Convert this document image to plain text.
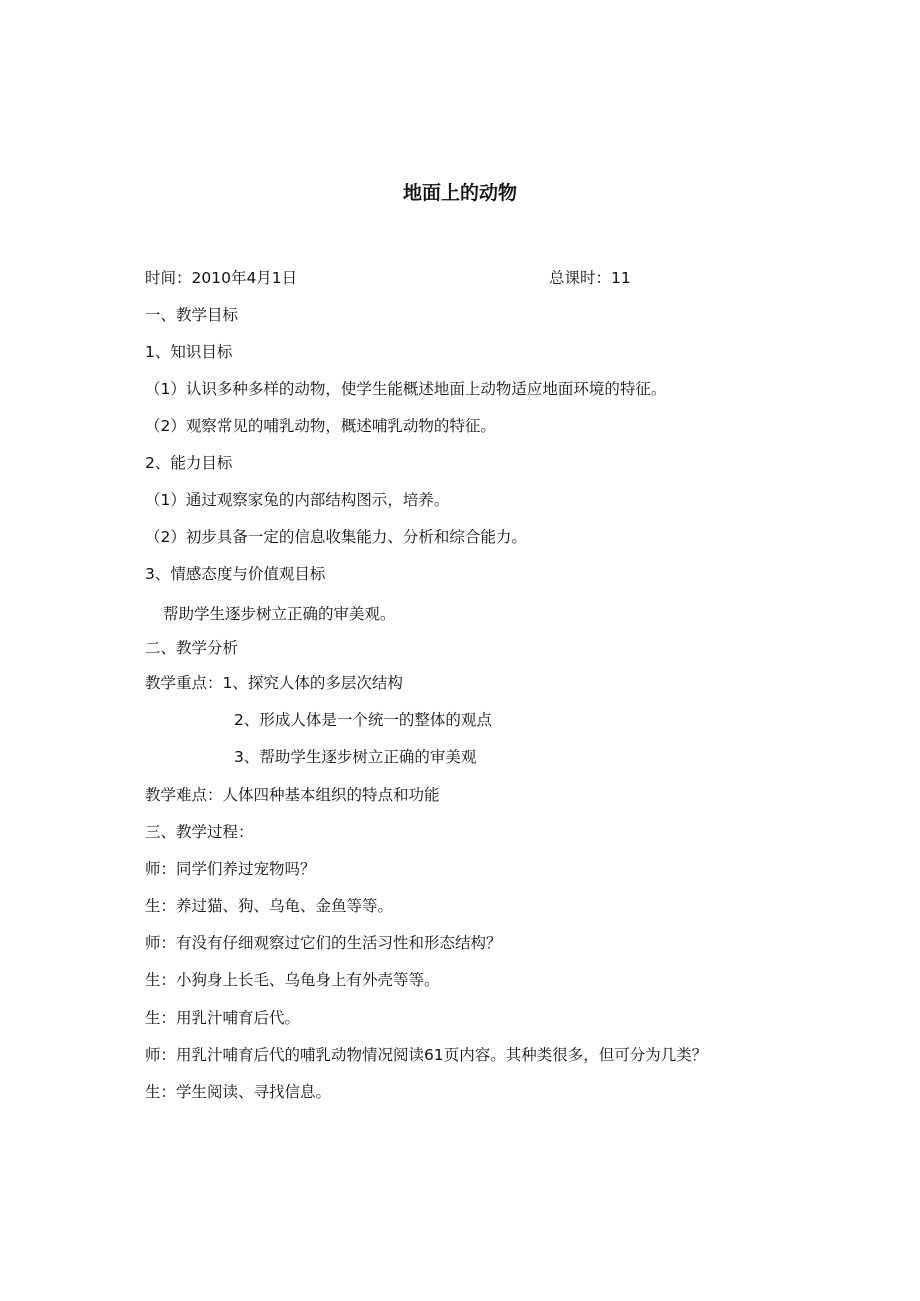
地面上的动物
时间：2010年4月1日	总课时：11
一、教学目标
1、知识目标
（1）认识多种多样的动物，使学生能概述地面上动物适应地面环境的特征。
（2）观察常见的哺乳动物，概述哺乳动物的特征。
2、能力目标
（1）通过观察家兔的内部结构图示，培养。
（2）初步具备一定的信息收集能力、分析和综合能力。
3、情感态度与价值观目标
帮助学生逐步树立正确的审美观。
二、教学分析
教学重点：1、探究人体的多层次结构
2、形成人体是一个统一的整体的观点
3、帮助学生逐步树立正确的审美观
教学难点：人体四种基本组织的特点和功能
三、教学过程：
师：同学们养过宠物吗？
生：养过猫、狗、乌龟、金鱼等等。
师：有没有仔细观察过它们的生活习性和形态结构？
生：小狗身上长毛、乌龟身上有外壳等等。
生：用乳汁哺育后代。
师：用乳汁哺育后代的哺乳动物情况阅读61页内容。其种类很多，但可分为几类？
生：学生阅读、寻找信息。
